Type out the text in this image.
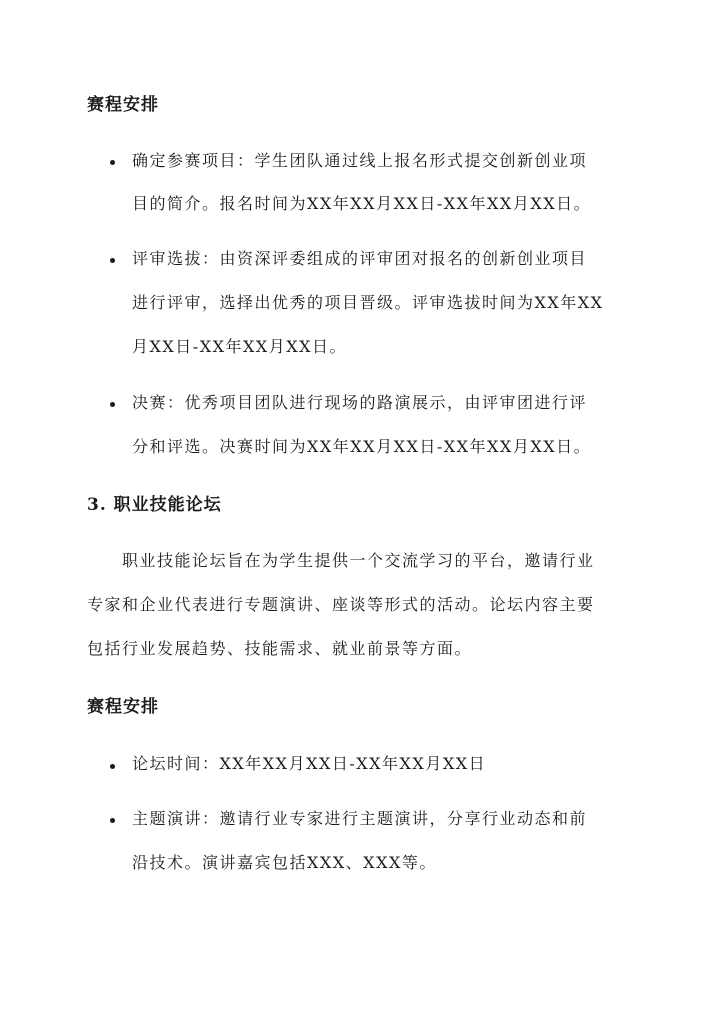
赛程安排
确定参赛项目：学生团队通过线上报名形式提交创新创业项
目的简介。报名时间为XX年XX月XX日-XX年XX月XX日。
评审选拔：由资深评委组成的评审团对报名的创新创业项目
进行评审，选择出优秀的项目晋级。评审选拔时间为XX年XX
月XX日-XX年XX月XX日。
决赛：优秀项目团队进行现场的路演展示，由评审团进行评
分和评选。决赛时间为XX年XX月XX日-XX年XX月XX日。
3. 职业技能论坛
职业技能论坛旨在为学生提供一个交流学习的平台，邀请行业
专家和企业代表进行专题演讲、座谈等形式的活动。论坛内容主要
包括行业发展趋势、技能需求、就业前景等方面。
赛程安排
论坛时间：XX年XX月XX日-XX年XX月XX日
主题演讲：邀请行业专家进行主题演讲，分享行业动态和前
沿技术。演讲嘉宾包括XXX、XXX等。
